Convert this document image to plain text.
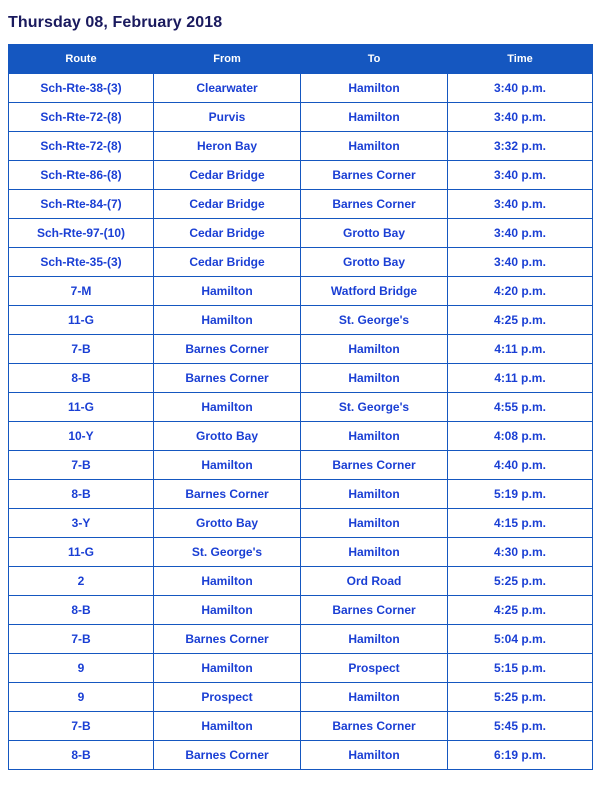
Thursday 08, February 2018
Route	From	To	Time
Sch-Rte-38-(3)	Clearwater	Hamilton	3:40 p.m.
Sch-Rte-72-(8)	Purvis	Hamilton	3:40 p.m.
Sch-Rte-72-(8)	Heron Bay	Hamilton	3:32 p.m.
Sch-Rte-86-(8)	Cedar Bridge	Barnes Corner	3:40 p.m.
Sch-Rte-84-(7)	Cedar Bridge	Barnes Corner	3:40 p.m.
Sch-Rte-97-(10)	Cedar Bridge	Grotto Bay	3:40 p.m.
Sch-Rte-35-(3)	Cedar Bridge	Grotto Bay	3:40 p.m.
7-M	Hamilton	Watford Bridge	4:20 p.m.
11-G	Hamilton	St. George's	4:25 p.m.
7-B	Barnes Corner	Hamilton	4:11 p.m.
8-B	Barnes Corner	Hamilton	4:11 p.m.
11-G	Hamilton	St. George's	4:55 p.m.
10-Y	Grotto Bay	Hamilton	4:08 p.m.
7-B	Hamilton	Barnes Corner	4:40 p.m.
8-B	Barnes Corner	Hamilton	5:19 p.m.
3-Y	Grotto Bay	Hamilton	4:15 p.m.
11-G	St. George's	Hamilton	4:30 p.m.
2	Hamilton	Ord Road	5:25 p.m.
8-B	Hamilton	Barnes Corner	4:25 p.m.
7-B	Barnes Corner	Hamilton	5:04 p.m.
9	Hamilton	Prospect	5:15 p.m.
9	Prospect	Hamilton	5:25 p.m.
7-B	Hamilton	Barnes Corner	5:45 p.m.
8-B	Barnes Corner	Hamilton	6:19 p.m.
